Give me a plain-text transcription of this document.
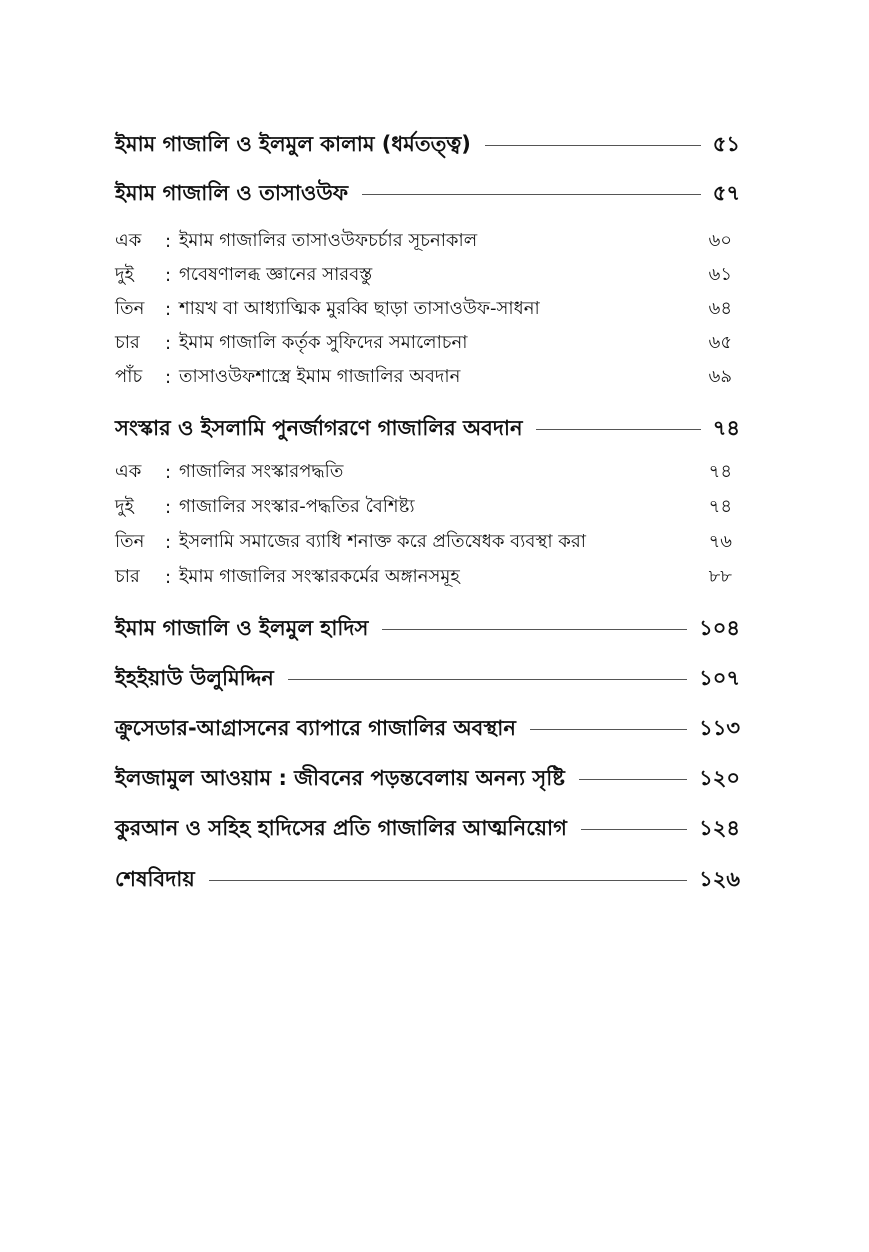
ইমাম গাজালি ও ইলমুল কালাম (ধর্মতত্ত্ব)	৫১
ইমাম গাজালি ও তাসাওউফ	৫৭
এক	: ইমাম গাজালির তাসাওউফচর্চার সূচনাকাল	৬০
দুই	: গবেষণালব্ধ জ্ঞানের সারবস্তু	৬১
তিন	: শায়খ বা আধ্যাত্মিক মুরব্বি ছাড়া তাসাওউফ-সাধনা	৬৪
চার	: ইমাম গাজালি কর্তৃক সুফিদের সমালোচনা	৬৫
পাঁচ	: তাসাওউফশাস্ত্রে ইমাম গাজালির অবদান	৬৯
সংস্কার ও ইসলামি পুনর্জাগরণে গাজালির অবদান	৭৪
এক	: গাজালির সংস্কারপদ্ধতি	৭৪
দুই	: গাজালির সংস্কার-পদ্ধতির বৈশিষ্ট্য	৭৪
তিন	: ইসলামি সমাজের ব্যাধি শনাক্ত করে প্রতিষেধক ব্যবস্থা করা	৭৬
চার	: ইমাম গাজালির সংস্কারকর্মের অঙ্গানসমূহ	৮৮
ইমাম গাজালি ও ইলমুল হাদিস	১০৪
ইহইয়াউ উলুমিদ্দিন	১০৭
ক্রুসেডার-আগ্রাসনের ব্যাপারে গাজালির অবস্থান	১১৩
ইলজামুল আওয়াম : জীবনের পড়ন্তবেলায় অনন্য সৃষ্টি	১২০
কুরআন ও সহিহ হাদিসের প্রতি গাজালির আত্মনিয়োগ	১২৪
শেষবিদায়	১২৬
